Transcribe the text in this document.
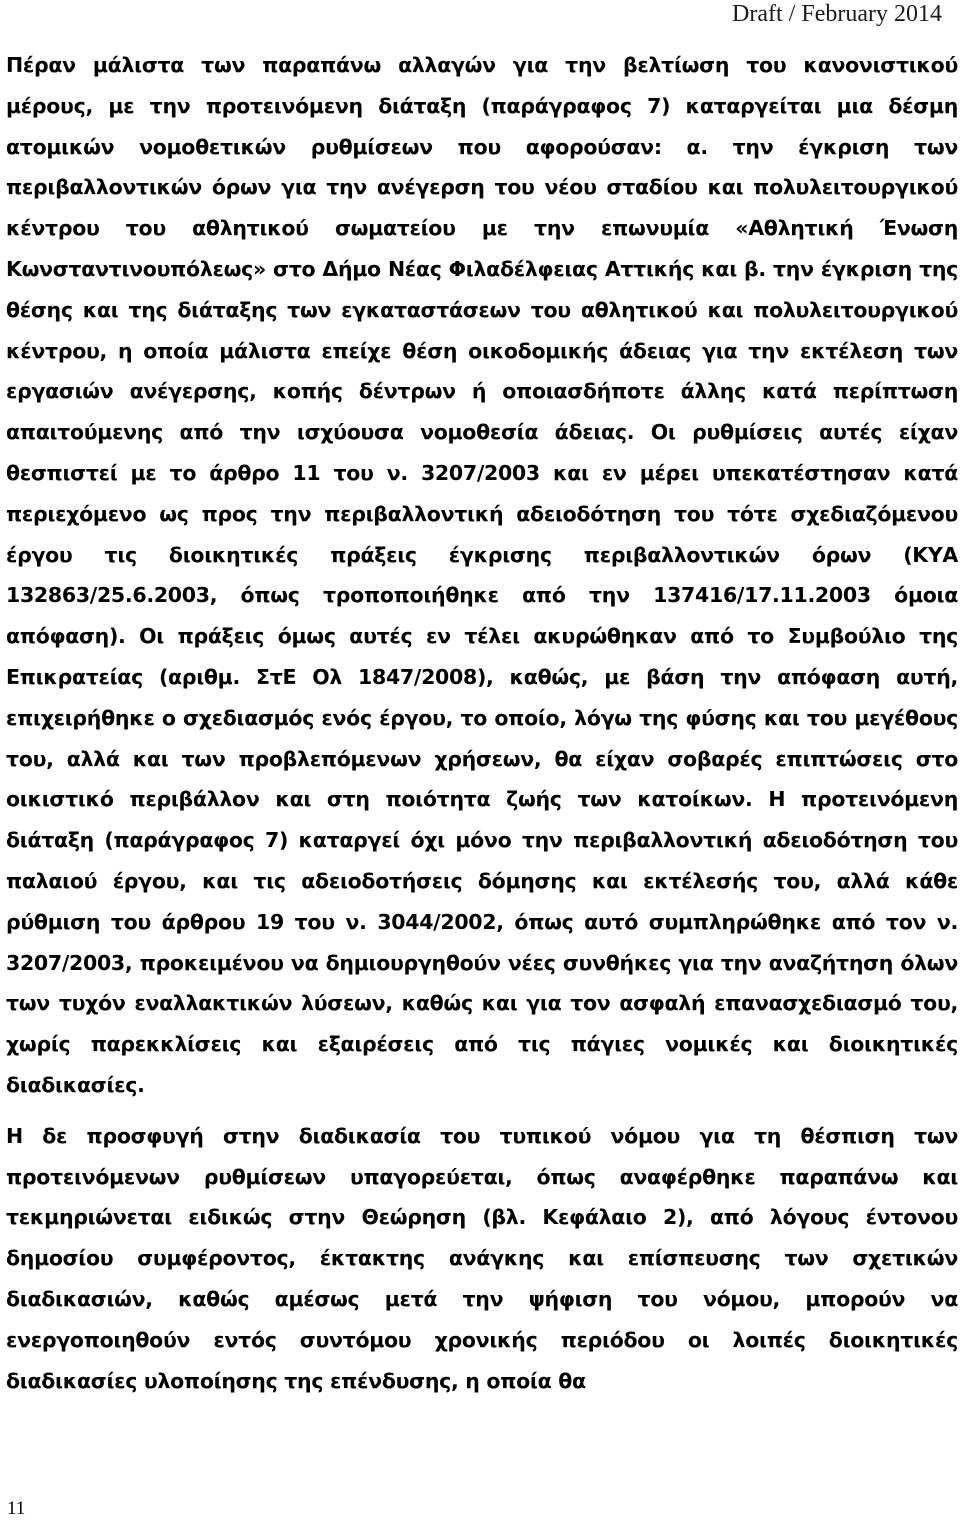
Draft / February 2014

Πέραν μάλιστα των παραπάνω αλλαγών για την βελτίωση του κανονιστικού μέρους, με την προτεινόμενη διάταξη (παράγραφος 7) καταργείται μια δέσμη ατομικών νομοθετικών ρυθμίσεων που αφορούσαν: α. την έγκριση των περιβαλλοντικών όρων για την ανέγερση του νέου σταδίου και πολυλειτουργικού κέντρου του αθλητικού σωματείου με την επωνυμία «Αθλητική Ένωση Κωνσταντινουπόλεως» στο Δήμο Νέας Φιλαδέλφειας Αττικής και β. την έγκριση της θέσης και της διάταξης των εγκαταστάσεων του αθλητικού και πολυλειτουργικού κέντρου, η οποία μάλιστα επείχε θέση οικοδομικής άδειας για την εκτέλεση των εργασιών ανέγερσης, κοπής δέντρων ή οποιασδήποτε άλλης κατά περίπτωση απαιτούμενης από την ισχύουσα νομοθεσία άδειας. Οι ρυθμίσεις αυτές είχαν θεσπιστεί με το άρθρο 11 του ν. 3207/2003 και εν μέρει υπεκατέστησαν κατά περιεχόμενο ως προς την περιβαλλοντική αδειοδότηση του τότε σχεδιαζόμενου έργου τις διοικητικές πράξεις έγκρισης περιβαλλοντικών όρων (ΚΥΑ 132863/25.6.2003, όπως τροποποιήθηκε από την 137416/17.11.2003 όμοια απόφαση). Οι πράξεις όμως αυτές εν τέλει ακυρώθηκαν από το Συμβούλιο της Επικρατείας (αριθμ. ΣτΕ Ολ 1847/2008), καθώς, με βάση την απόφαση αυτή, επιχειρήθηκε ο σχεδιασμός ενός έργου, το οποίο, λόγω της φύσης και του μεγέθους του, αλλά και των προβλεπόμενων χρήσεων, θα είχαν σοβαρές επιπτώσεις στο οικιστικό περιβάλλον και στη ποιότητα ζωής των κατοίκων. Η προτεινόμενη διάταξη (παράγραφος 7) καταργεί όχι μόνο την περιβαλλοντική αδειοδότηση του παλαιού έργου, και τις αδειοδοτήσεις δόμησης και εκτέλεσής του, αλλά κάθε ρύθμιση του άρθρου 19 του ν. 3044/2002, όπως αυτό συμπληρώθηκε από τον ν. 3207/2003, προκειμένου να δημιουργηθούν νέες συνθήκες για την αναζήτηση όλων των τυχόν εναλλακτικών λύσεων, καθώς και για τον ασφαλή επανασχεδιασμό του, χωρίς παρεκκλίσεις και εξαιρέσεις από τις πάγιες νομικές και διοικητικές διαδικασίες.

Η δε προσφυγή στην διαδικασία του τυπικού νόμου για τη θέσπιση των προτεινόμενων ρυθμίσεων υπαγορεύεται, όπως αναφέρθηκε παραπάνω και τεκμηριώνεται ειδικώς στην Θεώρηση (βλ. Κεφάλαιο 2), από λόγους έντονου δημοσίου συμφέροντος, έκτακτης ανάγκης και επίσπευσης των σχετικών διαδικασιών, καθώς αμέσως μετά την ψήφιση του νόμου, μπορούν να ενεργοποιηθούν εντός συντόμου χρονικής περιόδου οι λοιπές διοικητικές διαδικασίες υλοποίησης της επένδυσης, η οποία θα

11
